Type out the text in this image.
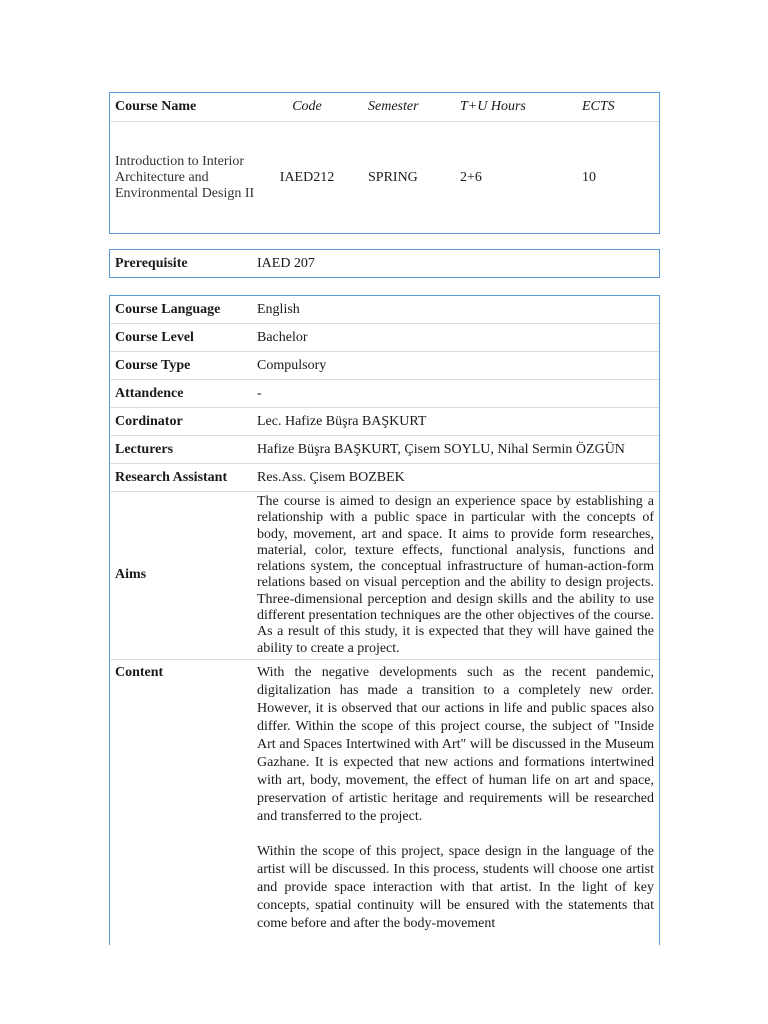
Course Name	Code	Semester	T+U Hours	ECTS
Introduction to Interior Architecture and Environmental Design II	IAED212	SPRING	2+6	10
Prerequisite	IAED 207
Course Language	English
Course Level	Bachelor
Course Type	Compulsory
Attandence	-
Cordinator	Lec. Hafize Büşra BAŞKURT
Lecturers	Hafize Büşra BAŞKURT, Çisem SOYLU, Nihal Sermin ÖZGÜN
Research Assistant	Res.Ass. Çisem BOZBEK
Aims	The course is aimed to design an experience space by establishing a relationship with a public space in particular with the concepts of body, movement, art and space. It aims to provide form researches, material, color, texture effects, functional analysis, functions and relations system, the conceptual infrastructure of human-action-form relations based on visual perception and the ability to design projects. Three-dimensional perception and design skills and the ability to use different presentation techniques are the other objectives of the course. As a result of this study, it is expected that they will have gained the ability to create a project.
Content	With the negative developments such as the recent pandemic, digitalization has made a transition to a completely new order. However, it is observed that our actions in life and public spaces also differ. Within the scope of this project course, the subject of "Inside Art and Spaces Intertwined with Art" will be discussed in the Museum Gazhane. It is expected that new actions and formations intertwined with art, body, movement, the effect of human life on art and space, preservation of artistic heritage and requirements will be researched and transferred to the project.

Within the scope of this project, space design in the language of the artist will be discussed. In this process, students will choose one artist and provide space interaction with that artist. In the light of key concepts, spatial continuity will be ensured with the statements that come before and after the body-movement
